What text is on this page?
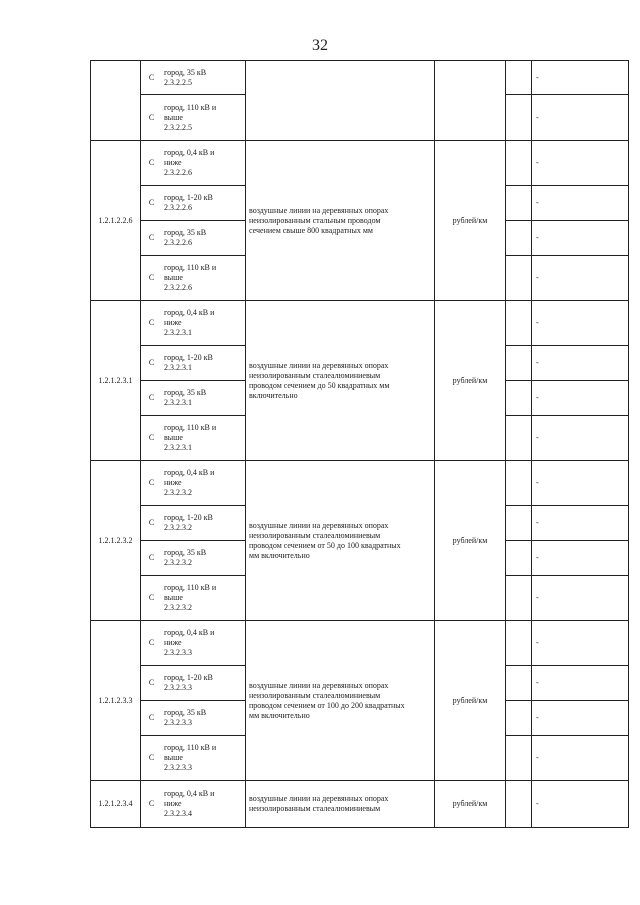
32
	С	город, 35 кВ
2.3.2.2.5				-
	С	город, 110 кВ и
выше
2.3.2.2.5				-
1.2.1.2.2.6	С	город, 0,4 кВ и
ниже
2.3.2.2.6	воздушные линии на деревянных опорах
неизолированным стальным проводом
сечением свыше 800 квадратных мм	рублей/км		-
	С	город, 1-20 кВ
2.3.2.2.6				-
	С	город, 35 кВ
2.3.2.2.6				-
	С	город, 110 кВ и
выше
2.3.2.2.6				-
1.2.1.2.3.1	С	город, 0,4 кВ и
ниже
2.3.2.3.1	воздушные линии на деревянных опорах
неизолированным сталеалюминиевым
проводом сечением до 50 квадратных мм
включительно	рублей/км		-
	С	город, 1-20 кВ
2.3.2.3.1				-
	С	город, 35 кВ
2.3.2.3.1				-
	С	город, 110 кВ и
выше
2.3.2.3.1				-
1.2.1.2.3.2	С	город, 0,4 кВ и
ниже
2.3.2.3.2	воздушные линии на деревянных опорах
неизолированным сталеалюминиевым
проводом сечением от 50 до 100 квадратных
мм включительно	рублей/км		-
	С	город, 1-20 кВ
2.3.2.3.2				-
	С	город, 35 кВ
2.3.2.3.2				-
	С	город, 110 кВ и
выше
2.3.2.3.2				-
1.2.1.2.3.3	С	город, 0,4 кВ и
ниже
2.3.2.3.3	воздушные линии на деревянных опорах
неизолированным сталеалюминиевым
проводом сечением от 100 до 200 квадратных
мм включительно	рублей/км		-
	С	город, 1-20 кВ
2.3.2.3.3				-
	С	город, 35 кВ
2.3.2.3.3				-
	С	город, 110 кВ и
выше
2.3.2.3.3				-
1.2.1.2.3.4	С	город, 0,4 кВ и
ниже
2.3.2.3.4	воздушные линии на деревянных опорах
неизолированным сталеалюминиевым	рублей/км		-
